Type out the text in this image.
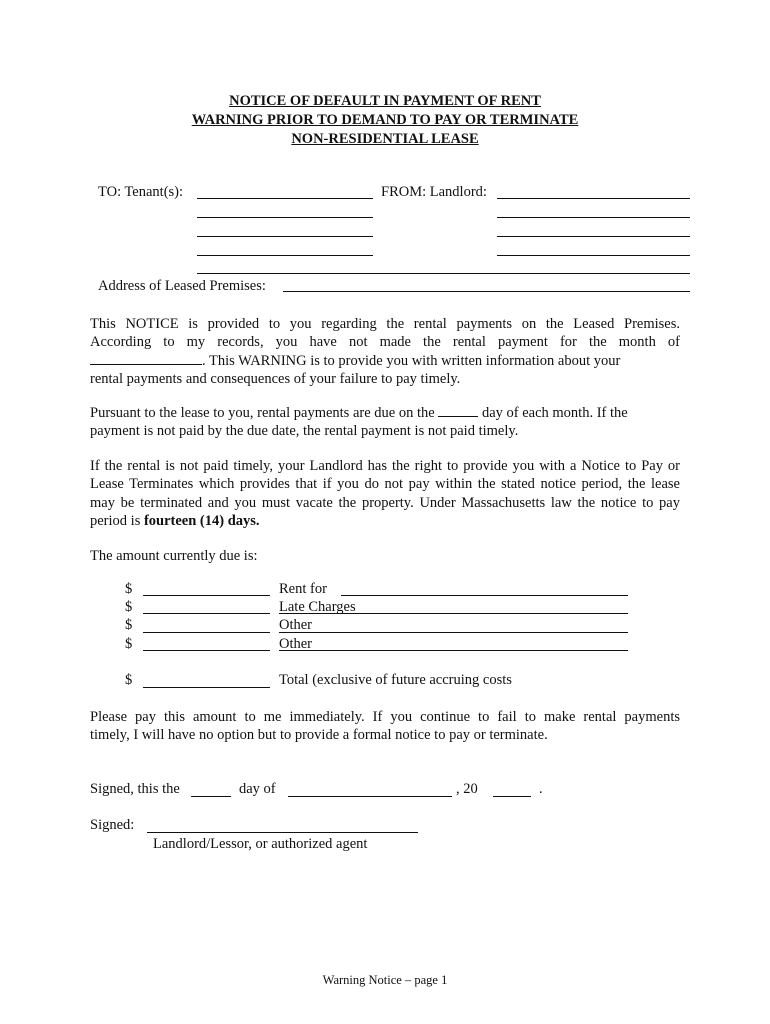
NOTICE OF DEFAULT IN PAYMENT OF RENT
WARNING PRIOR TO DEMAND TO PAY OR TERMINATE
NON-RESIDENTIAL LEASE
TO: Tenant(s):	FROM: Landlord:
Address of Leased Premises:
This NOTICE is provided to you regarding the rental payments on the Leased Premises.
According to my records, you have not made the rental payment for the month of
. This WARNING is to provide you with written information about your
rental payments and consequences of your failure to pay timely.
Pursuant to the lease to you, rental payments are due on the	day of each month. If the
payment is not paid by the due date, the rental payment is not paid timely.
If the rental is not paid timely, your Landlord has the right to provide you with a Notice to Pay or
Lease Terminates which provides that if you do not pay within the stated notice period, the lease
may be terminated and you must vacate the property. Under Massachusetts law the notice to pay
period is fourteen (14) days.
The amount currently due is:
$	Rent for
$	Late Charges
$	Other
$	Other
$	Total (exclusive of future accruing costs
Please pay this amount to me immediately. If you continue to fail to make rental payments
timely, I will have no option but to provide a formal notice to pay or terminate.
Signed, this the	day of	, 20	.
Signed:
Landlord/Lessor, or authorized agent
Warning Notice – page 1
